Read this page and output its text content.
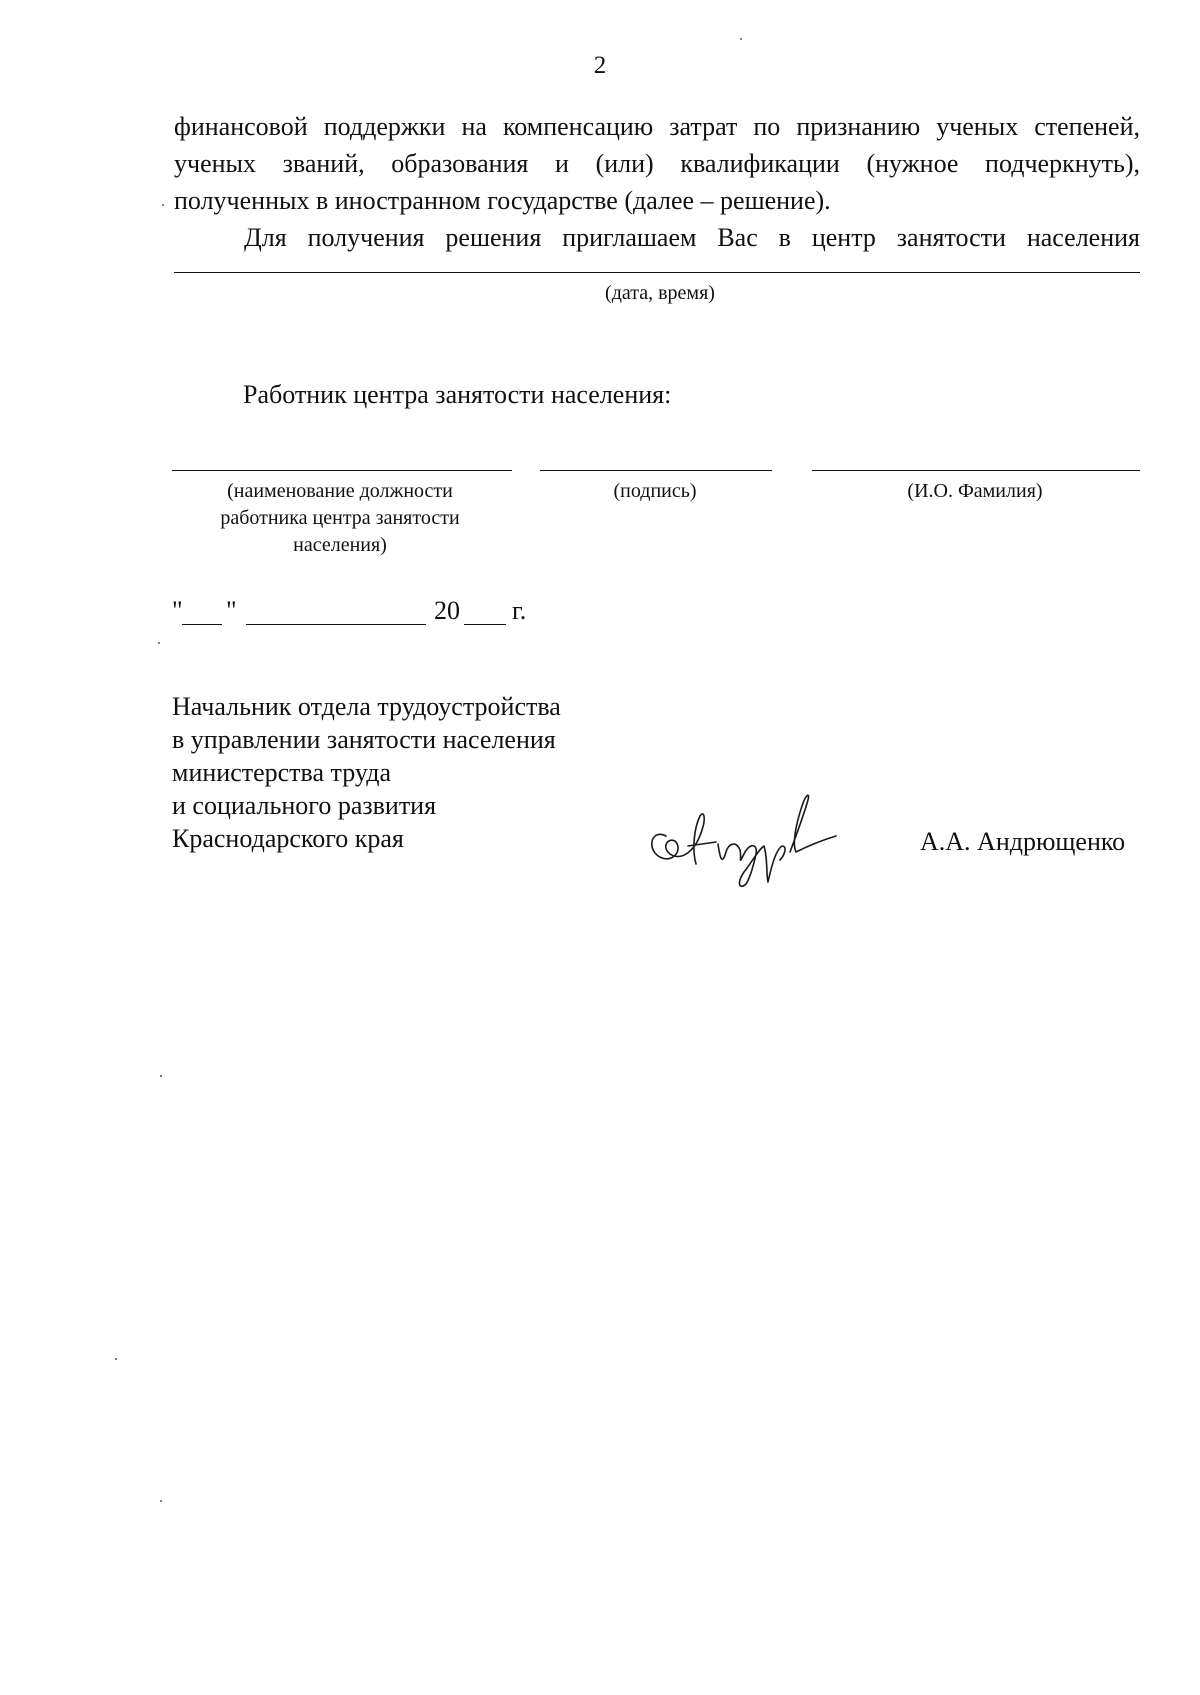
2

финансовой поддержки на компенсацию затрат по признанию ученых степеней, ученых званий, образования и (или) квалификации (нужное подчеркнуть), полученных в иностранном государстве (далее – решение).

Для получения решения приглашаем Вас в центр занятости населения

(дата, время)
Работник центра занятости населения:
(наименование должности работника центра занятости населения)
(подпись)	(И.О. Фамилия)
" "	20 г.
Начальник отдела трудоустройства
в управлении занятости населения
министерства труда
и социального развития
Краснодарского края	А.А. Андрющенко
